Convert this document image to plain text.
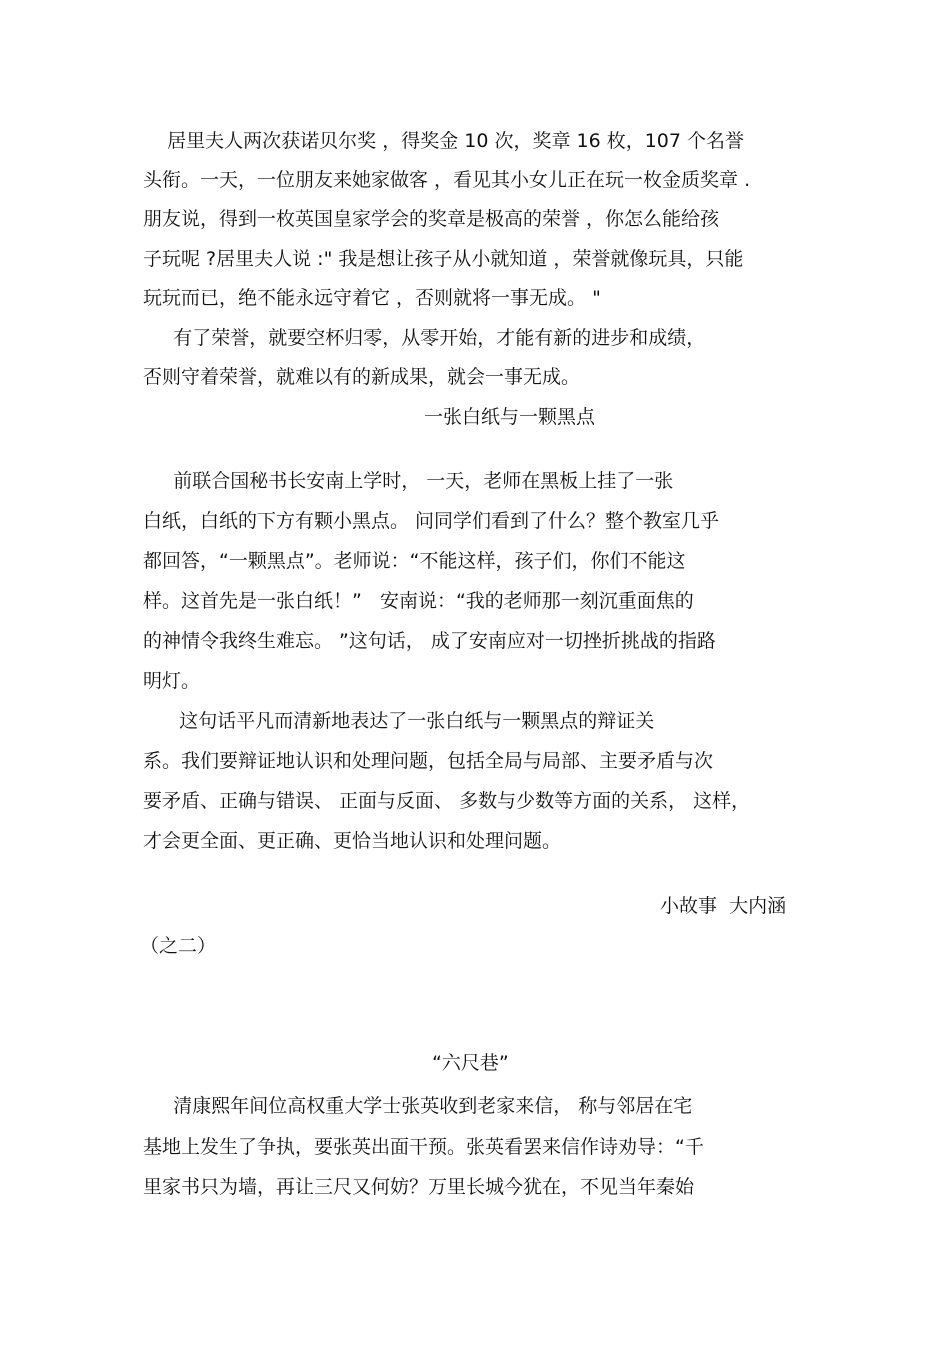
居里夫人两次获诺贝尔奖 ，得奖金 10 次，奖章 16 枚，107 个名誉
头衔。一天，一位朋友来她家做客 ，看见其小女儿正在玩一枚金质奖章 .
朋友说，得到一枚英国皇家学会的奖章是极高的荣誉 ，你怎么能给孩
子玩呢 ?居里夫人说 :" 我是想让孩子从小就知道 ，荣誉就像玩具，只能
玩玩而已，绝不能永远守着它 ，否则就将一事无成。 "
有了荣誉，就要空杯归零，从零开始，才能有新的进步和成绩，
否则守着荣誉，就难以有的新成果，就会一事无成。
一张白纸与一颗黑点
前联合国秘书长安南上学时， 一天，老师在黑板上挂了一张
白纸，白纸的下方有颗小黑点。 问同学们看到了什么？整个教室几乎
都回答，“一颗黑点”。老师说：“不能这样，孩子们，你们不能这
样。这首先是一张白纸！”   安南说：“我的老师那一刻沉重面焦的
的神情令我终生难忘。 ”这句话， 成了安南应对一切挫折挑战的指路
明灯。
这句话平凡而清新地表达了一张白纸与一颗黑点的辩证关
系。我们要辩证地认识和处理问题，包括全局与局部、主要矛盾与次
要矛盾、正确与错误、 正面与反面、 多数与少数等方面的关系， 这样，
才会更全面、更正确、更恰当地认识和处理问题。
小故事  大内涵
（之二）
“六尺巷”
清康熙年间位高权重大学士张英收到老家来信， 称与邻居在宅
基地上发生了争执，要张英出面干预。张英看罢来信作诗劝导：“千
里家书只为墙，再让三尺又何妨？万里长城今犹在，不见当年秦始
